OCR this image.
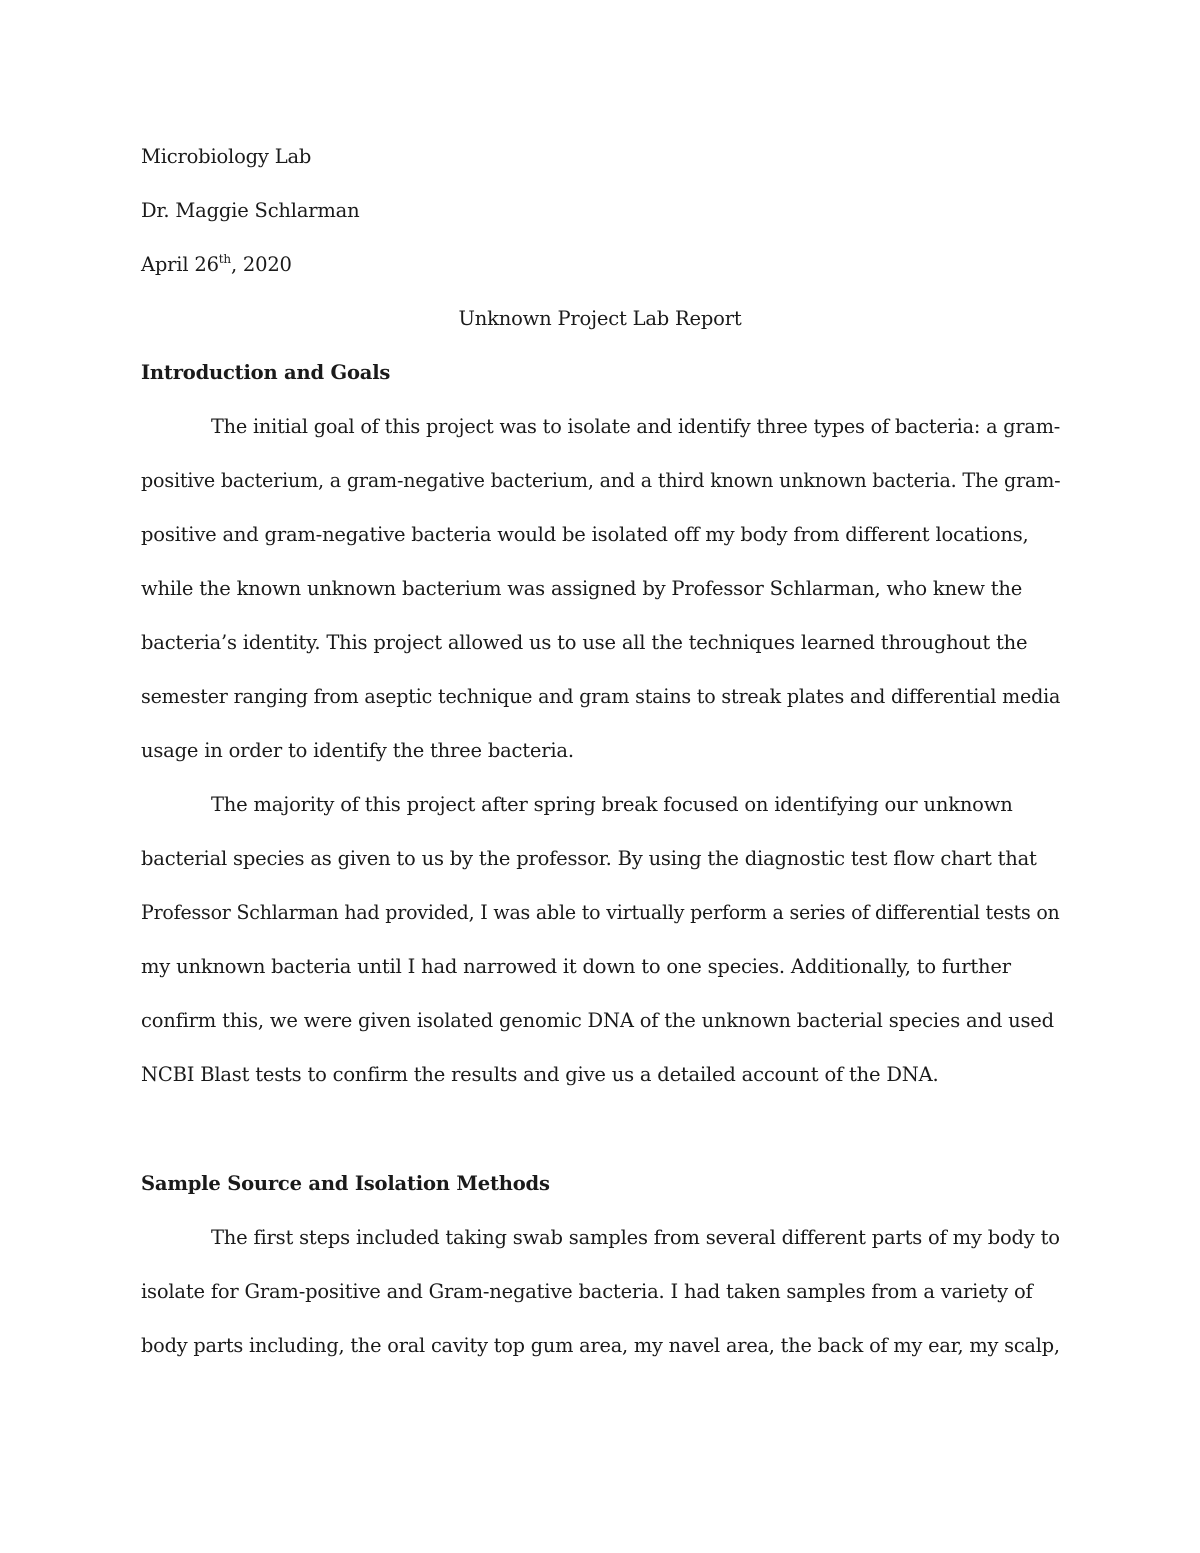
Microbiology Lab
Dr. Maggie Schlarman
April 26th, 2020
Unknown Project Lab Report
Introduction and Goals
The initial goal of this project was to isolate and identify three types of bacteria: a gram-
positive bacterium, a gram-negative bacterium, and a third known unknown bacteria. The gram-
positive and gram-negative bacteria would be isolated off my body from different locations,
while the known unknown bacterium was assigned by Professor Schlarman, who knew the
bacteria’s identity. This project allowed us to use all the techniques learned throughout the
semester ranging from aseptic technique and gram stains to streak plates and differential media
usage in order to identify the three bacteria.
The majority of this project after spring break focused on identifying our unknown
bacterial species as given to us by the professor. By using the diagnostic test flow chart that
Professor Schlarman had provided, I was able to virtually perform a series of differential tests on
my unknown bacteria until I had narrowed it down to one species. Additionally, to further
confirm this, we were given isolated genomic DNA of the unknown bacterial species and used
NCBI Blast tests to confirm the results and give us a detailed account of the DNA.
Sample Source and Isolation Methods
The first steps included taking swab samples from several different parts of my body to
isolate for Gram-positive and Gram-negative bacteria. I had taken samples from a variety of
body parts including, the oral cavity top gum area, my navel area, the back of my ear, my scalp,
